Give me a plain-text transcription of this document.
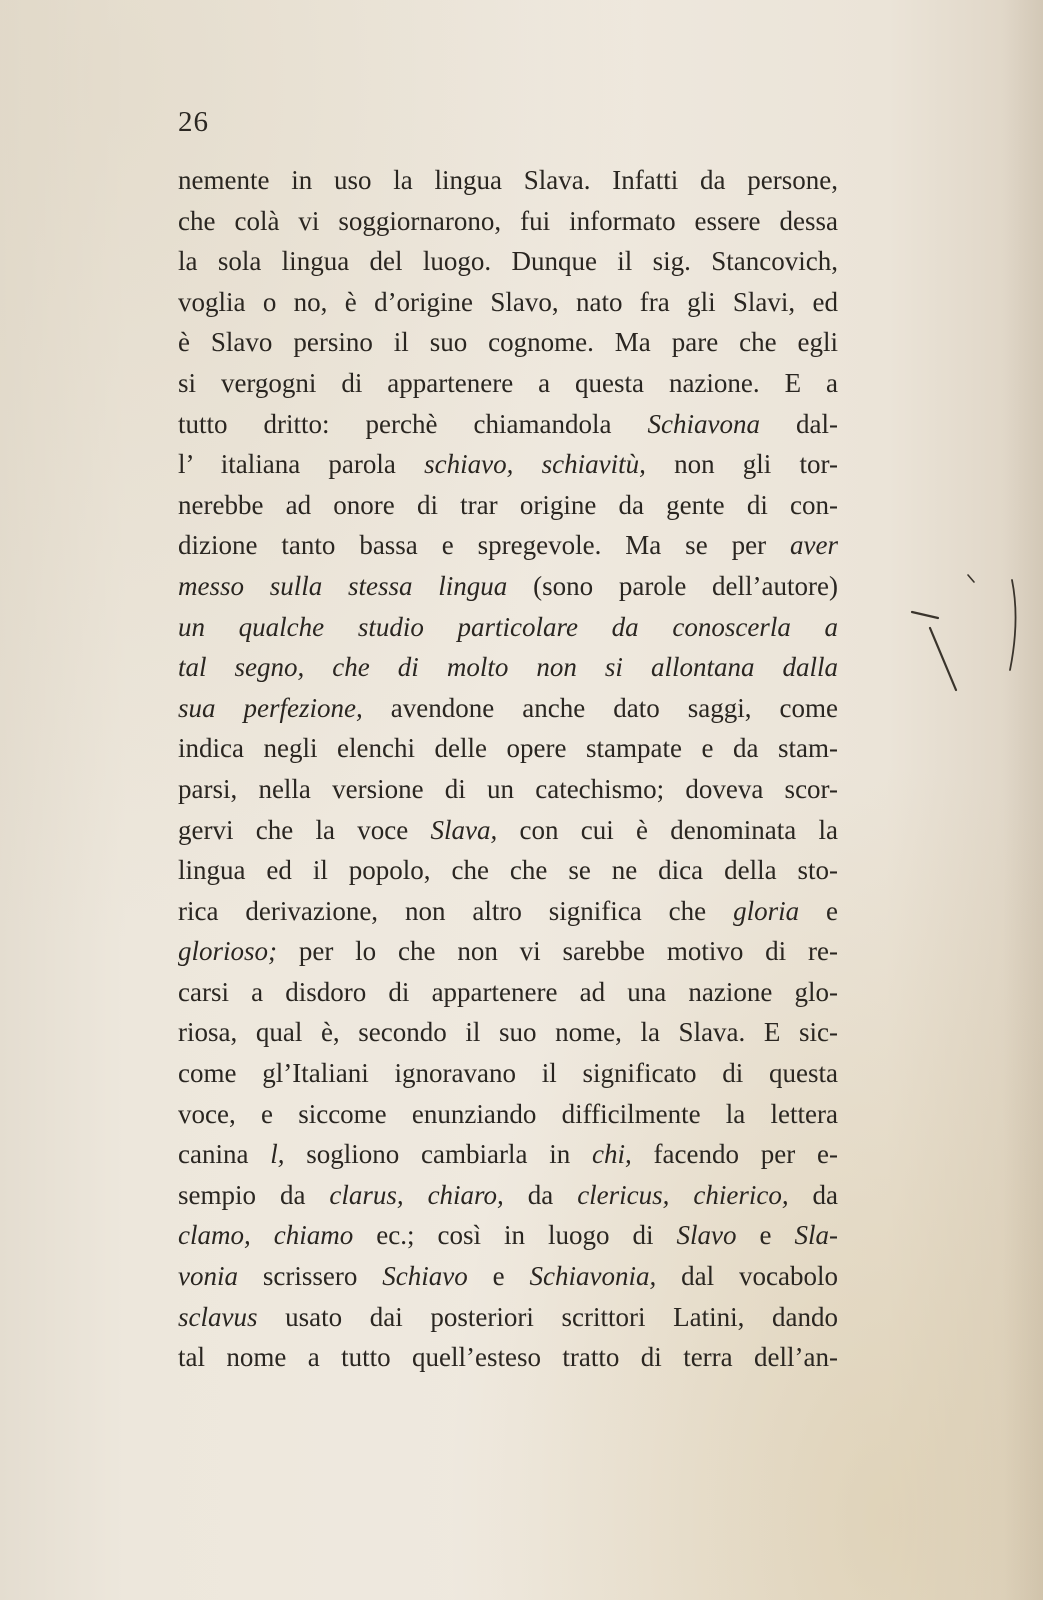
26
nemente in uso la lingua Slava. Infatti da persone,
che colà vi soggiornarono, fui informato essere dessa
la sola lingua del luogo. Dunque il sig. Stancovich,
voglia o no, è d’origine Slavo, nato fra gli Slavi, ed
è Slavo persino il suo cognome. Ma pare che egli
si vergogni di appartenere a questa nazione. E a
tutto dritto: perchè chiamandola Schiavona dal-
l’ italiana parola schiavo, schiavitù, non gli tor-
nerebbe ad onore di trar origine da gente di con-
dizione tanto bassa e spregevole. Ma se per aver
messo sulla stessa lingua (sono parole dell’autore)
un qualche studio particolare da conoscerla a
tal segno, che di molto non si allontana dalla
sua perfezione, avendone anche dato saggi, come
indica negli elenchi delle opere stampate e da stam-
parsi, nella versione di un catechismo; doveva scor-
gervi che la voce Slava, con cui è denominata la
lingua ed il popolo, che che se ne dica della sto-
rica derivazione, non altro significa che gloria e
glorioso; per lo che non vi sarebbe motivo di re-
carsi a disdoro di appartenere ad una nazione glo-
riosa, qual è, secondo il suo nome, la Slava. E sic-
come gl’Italiani ignoravano il significato di questa
voce, e siccome enunziando difficilmente la lettera
canina l, sogliono cambiarla in chi, facendo per e-
sempio da clarus, chiaro, da clericus, chierico, da
clamo, chiamo ec.; così in luogo di Slavo e Sla-
vonia scrissero Schiavo e Schiavonia, dal vocabolo
sclavus usato dai posteriori scrittori Latini, dando
tal nome a tutto quell’esteso tratto di terra dell’an-
